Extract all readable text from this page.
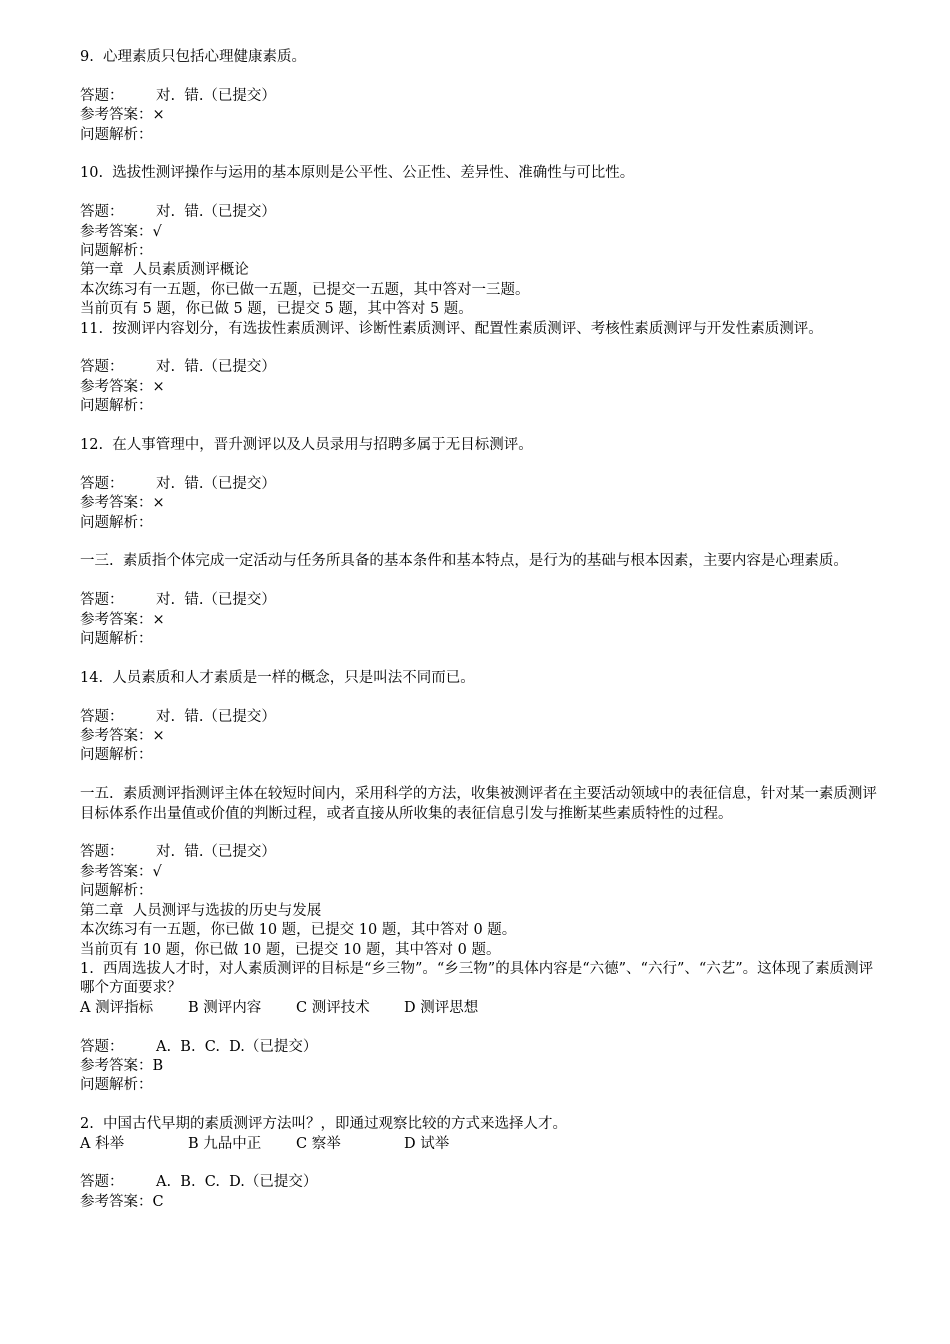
9.  心理素质只包括心理健康素质。
答题：	对.  错.（已提交）
参考答案：×
问题解析：
10.  选拔性测评操作与运用的基本原则是公平性、公正性、差异性、准确性与可比性。
答题：	对.  错.（已提交）
参考答案：√
问题解析：
第一章  人员素质测评概论
本次练习有一五题，你已做一五题，已提交一五题，其中答对一三题。
当前页有 5 题，你已做 5 题，已提交 5 题，其中答对 5 题。
11.  按测评内容划分，有选拔性素质测评、诊断性素质测评、配置性素质测评、考核性素质测评与开发性素质测评。
答题：	对.  错.（已提交）
参考答案：×
问题解析：
12.  在人事管理中，晋升测评以及人员录用与招聘多属于无目标测评。
答题：	对.  错.（已提交）
参考答案：×
问题解析：
一三.  素质指个体完成一定活动与任务所具备的基本条件和基本特点，是行为的基础与根本因素，主要内容是心理素质。
答题：	对.  错.（已提交）
参考答案：×
问题解析：
14.  人员素质和人才素质是一样的概念，只是叫法不同而已。
答题：	对.  错.（已提交）
参考答案：×
问题解析：
一五.  素质测评指测评主体在较短时间内，采用科学的方法，收集被测评者在主要活动领域中的表征信息，针对某一素质测评目标体系作出量值或价值的判断过程，或者直接从所收集的表征信息引发与推断某些素质特性的过程。
答题：	对.  错.（已提交）
参考答案：√
问题解析：
第二章  人员测评与选拔的历史与发展
本次练习有一五题，你已做 10 题，已提交 10 题，其中答对 0 题。
当前页有 10 题，你已做 10 题，已提交 10 题，其中答对 0 题。
1.  西周选拔人才时，对人素质测评的目标是“乡三物”。“乡三物”的具体内容是“六德”、“六行”、“六艺”。这体现了素质测评哪个方面要求？
A 测评指标	B 测评内容	C 测评技术	D 测评思想
答题：	A.  B.  C.  D.（已提交）
参考答案：B
问题解析：
2.  中国古代早期的素质测评方法叫？，即通过观察比较的方式来选择人才。
A 科举	B 九品中正	C 察举	D 试举
答题：	A.  B.  C.  D.（已提交）
参考答案：C
